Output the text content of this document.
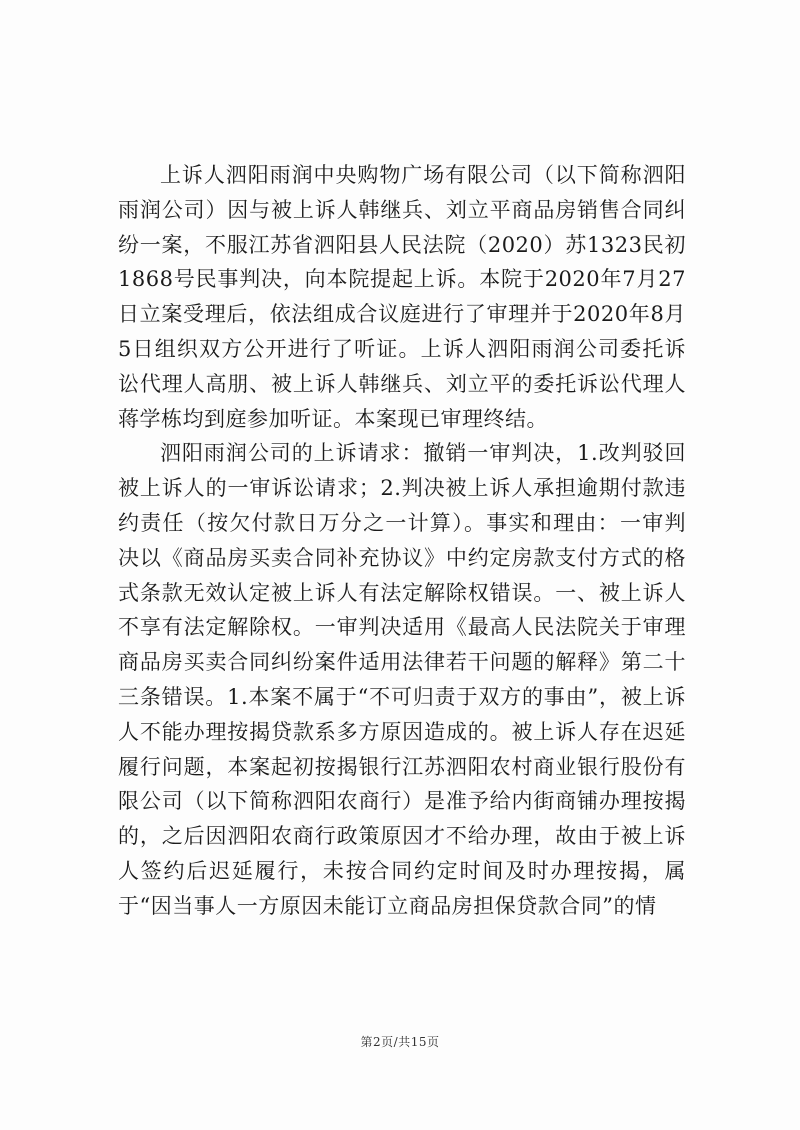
上诉人泗阳雨润中央购物广场有限公司（以下简称泗阳雨润公司）因与被上诉人韩继兵、刘立平商品房销售合同纠纷一案，不服江苏省泗阳县人民法院（2020）苏1323民初1868号民事判决，向本院提起上诉。本院于2020年7月27日立案受理后，依法组成合议庭进行了审理并于2020年8月5日组织双方公开进行了听证。上诉人泗阳雨润公司委托诉讼代理人高朋、被上诉人韩继兵、刘立平的委托诉讼代理人蒋学栋均到庭参加听证。本案现已审理终结。

泗阳雨润公司的上诉请求：撤销一审判决，1.改判驳回被上诉人的一审诉讼请求；2.判决被上诉人承担逾期付款违约责任（按欠付款日万分之一计算）。事实和理由：一审判决以《商品房买卖合同补充协议》中约定房款支付方式的格式条款无效认定被上诉人有法定解除权错误。一、被上诉人不享有法定解除权。一审判决适用《最高人民法院关于审理商品房买卖合同纠纷案件适用法律若干问题的解释》第二十三条错误。1.本案不属于“不可归责于双方的事由”，被上诉人不能办理按揭贷款系多方原因造成的。被上诉人存在迟延履行问题，本案起初按揭银行江苏泗阳农村商业银行股份有限公司（以下简称泗阳农商行）是准予给内街商铺办理按揭的，之后因泗阳农商行政策原因才不给办理，故由于被上诉人签约后迟延履行，未按合同约定时间及时办理按揭，属于“因当事人一方原因未能订立商品房担保贷款合同”的情

第2页/共15页
